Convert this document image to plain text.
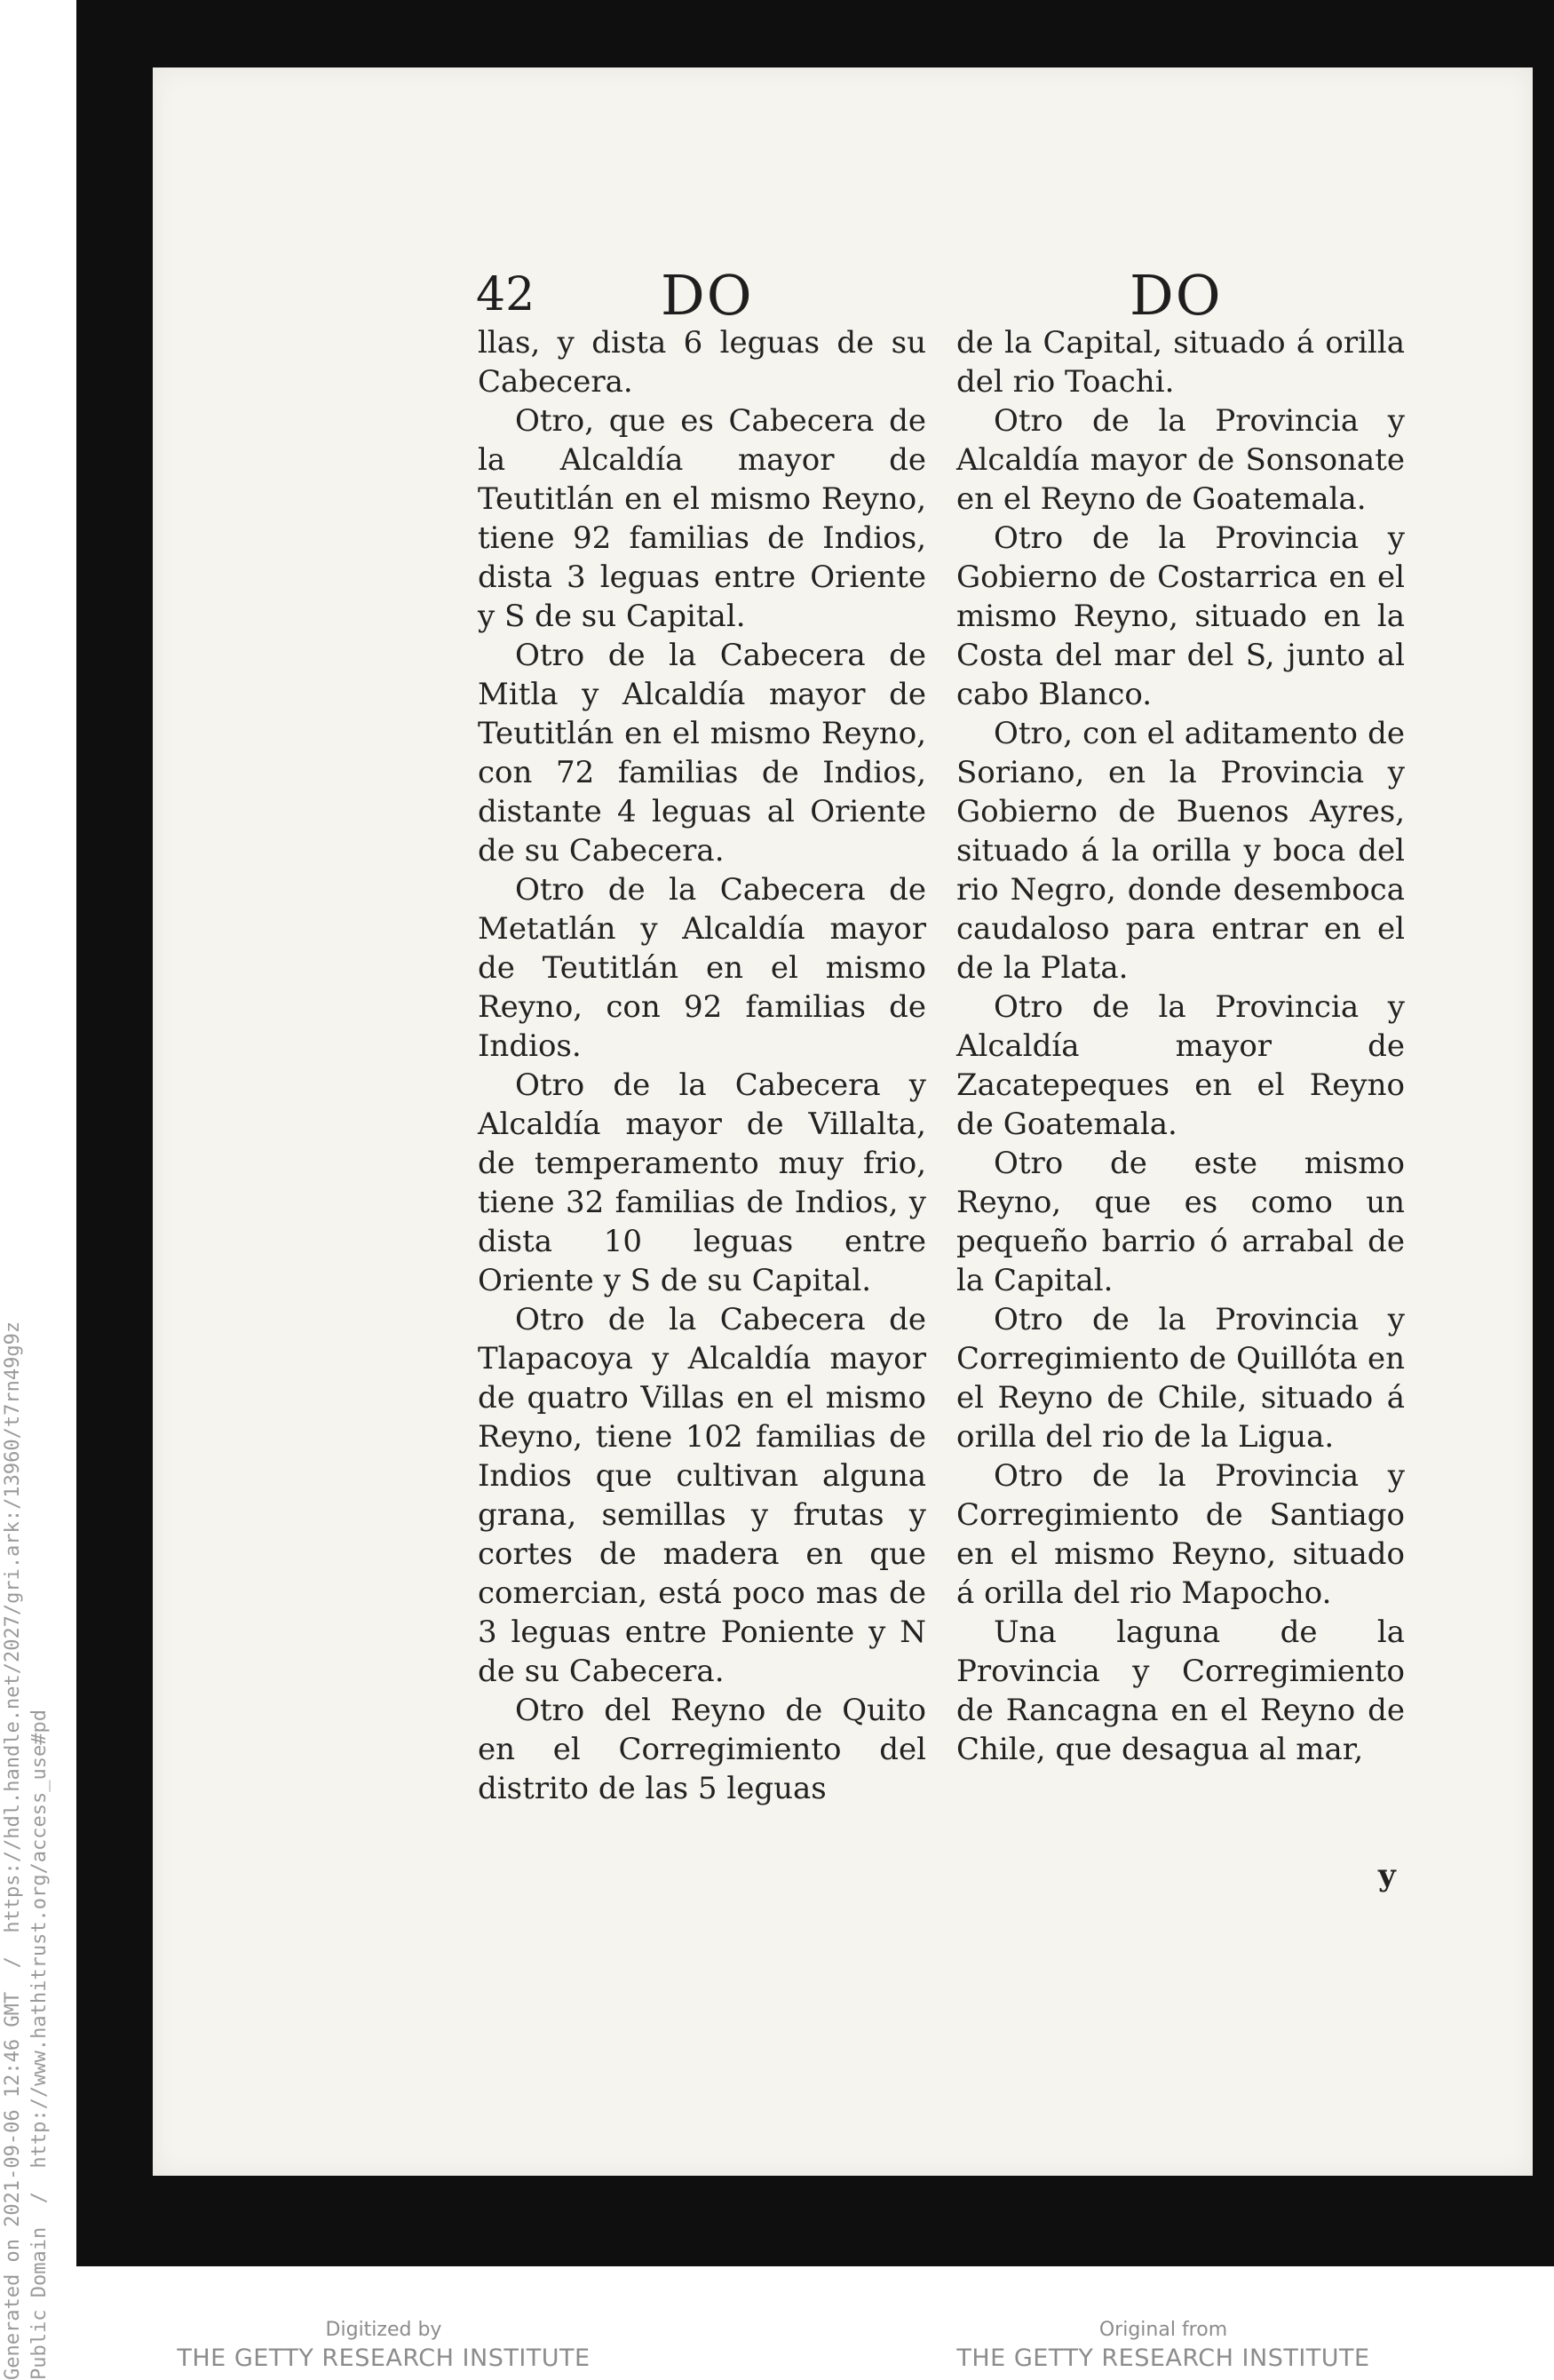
42 DO	DO

llas, y dista 6 leguas de su Cabecera.

Otro, que es Cabecera de la Alcaldía mayor de Teutitlán en el mismo Reyno, tiene 92 familias de Indios, dista 3 leguas entre Oriente y S de su Capital.

Otro de la Cabecera de Mitla y Alcaldía mayor de Teutitlán en el mismo Reyno, con 72 familias de Indios, distante 4 leguas al Oriente de su Cabecera.

Otro de la Cabecera de Metatlán y Alcaldía mayor de Teutitlán en el mismo Reyno, con 92 familias de Indios.

Otro de la Cabecera y Alcaldía mayor de Villalta, de temperamento muy frio, tiene 32 familias de Indios, y dista 10 leguas entre Oriente y S de su Capital.

Otro de la Cabecera de Tlapacoya y Alcaldía mayor de quatro Villas en el mismo Reyno, tiene 102 familias de Indios que cultivan alguna grana, semillas y frutas y cortes de madera en que comercian, está poco mas de 3 leguas entre Poniente y N de su Cabecera.

Otro del Reyno de Quito en el Corregimiento del distrito de las 5 leguas

de la Capital, situado á orilla del rio Toachi.

Otro de la Provincia y Alcaldía mayor de Sonsonate en el Reyno de Goatemala.

Otro de la Provincia y Gobierno de Costarrica en el mismo Reyno, situado en la Costa del mar del S, junto al cabo Blanco.

Otro, con el aditamento de Soriano, en la Provincia y Gobierno de Buenos Ayres, situado á la orilla y boca del rio Negro, donde desemboca caudaloso para entrar en el de la Plata.

Otro de la Provincia y Alcaldía mayor de Zacatepeques en el Reyno de Goatemala.

Otro de este mismo Reyno, que es como un pequeño barrio ó arrabal de la Capital.

Otro de la Provincia y Corregimiento de Quillóta en el Reyno de Chile, situado á orilla del rio de la Ligua.

Otro de la Provincia y Corregimiento de Santiago en el mismo Reyno, situado á orilla del rio Mapocho.

Una laguna de la Provincia y Corregimiento de Rancagna en el Reyno de Chile, que desagua al mar,

y
Generated on 2021-09-06 12:46 GMT  /  https://hdl.handle.net/2027/gri.ark:/13960/t7rn49g9z Public Domain  /  http://www.hathitrust.org/access_use#pd	Digitized by
THE GETTY RESEARCH INSTITUTE
Original from
THE GETTY RESEARCH INSTITUTE
